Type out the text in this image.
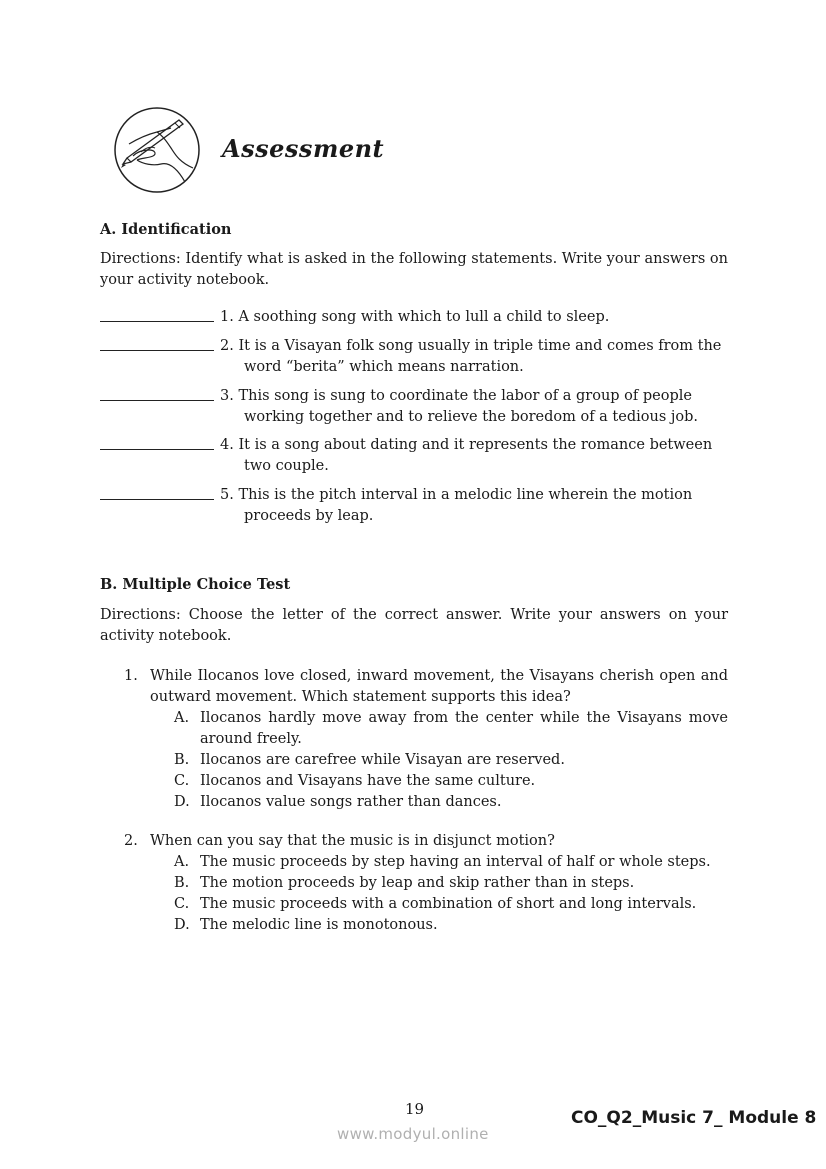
Assessment
A. Identification
Directions: Identify what is asked in the following statements. Write your answers on your activity notebook.
1. A soothing song with which to lull a child to sleep.
2. It is a Visayan folk song usually in triple time and comes from the
word “berita” which means narration.
3. This song is sung to coordinate the labor of a group of people
working together and to relieve the boredom of a tedious job.
4. It is a song about dating and it represents the romance between
two couple.
5. This is the pitch interval in a melodic line wherein the motion
proceeds by leap.
B. Multiple Choice Test
Directions: Choose the letter of the correct answer. Write your answers on your activity notebook.
1. While Ilocanos love closed, inward movement, the Visayans cherish open and outward movement. Which statement supports this idea?
A. Ilocanos hardly move away from the center while the Visayans move around freely.
B. Ilocanos are carefree while Visayan are reserved.
C. Ilocanos and Visayans have the same culture.
D. Ilocanos value songs rather than dances.
2. When can you say that the music is in disjunct motion?
A. The music proceeds by step having an interval of half or whole steps.
B. The motion proceeds by leap and skip rather than in steps.
C. The music proceeds with a combination of short and long intervals.
D. The melodic line is monotonous.
19	CO_Q2_Music 7_ Module 8
www.modyul.online
